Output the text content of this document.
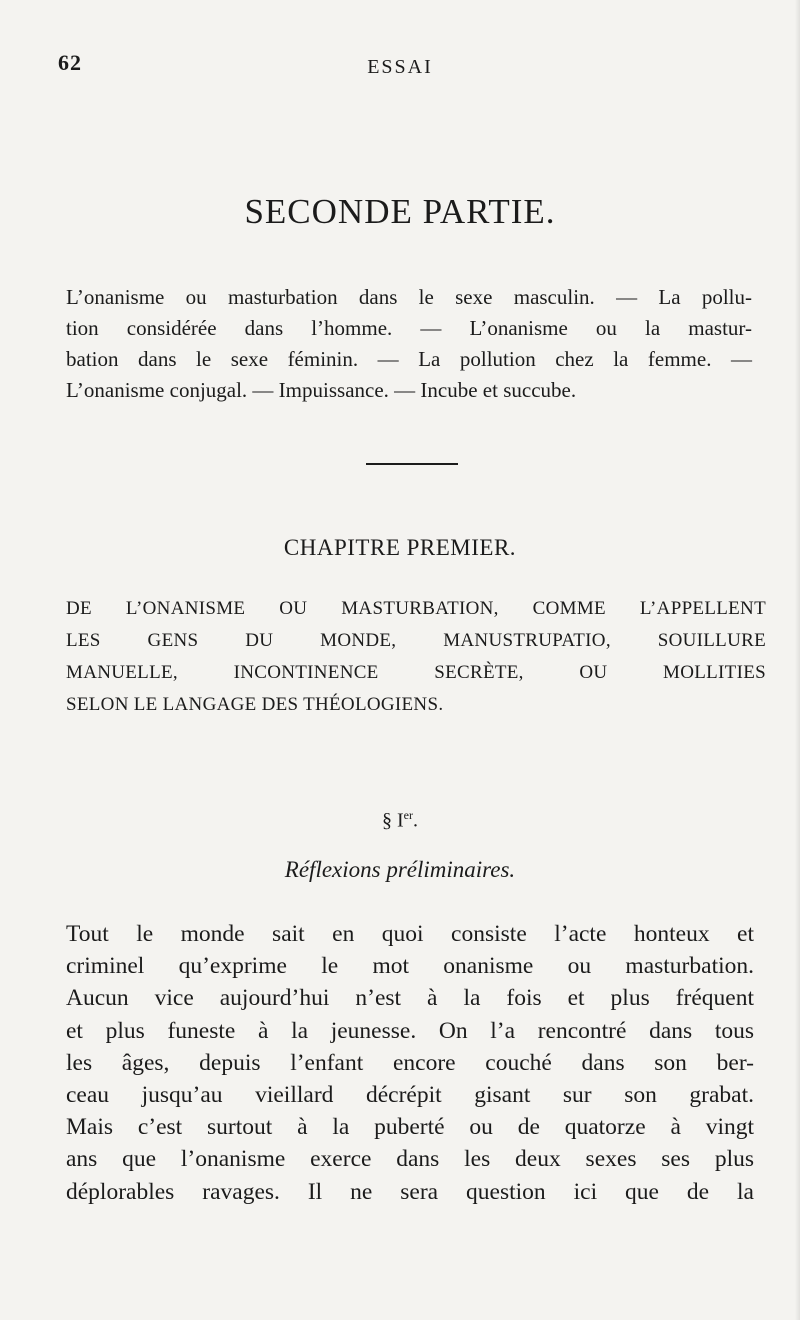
62	ESSAI
SECONDE PARTIE.
L’onanisme ou masturbation dans le sexe masculin. — La pollu-
tion considérée dans l’homme. — L’onanisme ou la mastur-
bation dans le sexe féminin. — La pollution chez la femme. —
L’onanisme conjugal. — Impuissance. — Incube et succube.
CHAPITRE PREMIER.
DE L’ONANISME OU MASTURBATION, COMME L’APPELLENT
LES GENS DU MONDE, MANUSTRUPATIO, SOUILLURE
MANUELLE, INCONTINENCE SECRÈTE, OU MOLLITIES
SELON LE LANGAGE DES THÉOLOGIENS.
§ Ier.
Réflexions préliminaires.
Tout le monde sait en quoi consiste l’acte honteux et
criminel qu’exprime le mot onanisme ou masturbation.
Aucun vice aujourd’hui n’est à la fois et plus fréquent
et plus funeste à la jeunesse. On l’a rencontré dans tous
les âges, depuis l’enfant encore couché dans son ber-
ceau jusqu’au vieillard décrépit gisant sur son grabat.
Mais c’est surtout à la puberté ou de quatorze à vingt
ans que l’onanisme exerce dans les deux sexes ses plus
déplorables ravages. Il ne sera question ici que de la
